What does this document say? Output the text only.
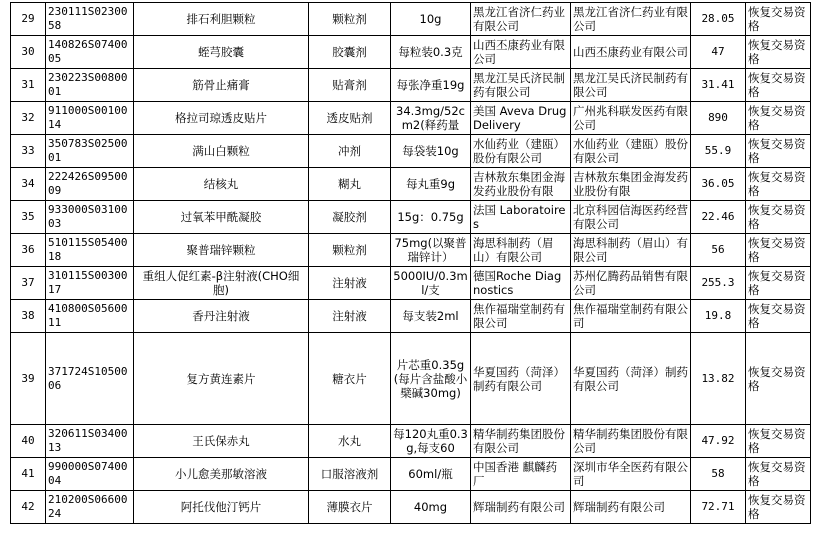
29	230111S0230058	排石利胆颗粒	颗粒剂	10g	黑龙江省济仁药业有限公司	黑龙江省济仁药业有限公司	28.05	恢复交易资格
30	140826S0740005	蛭芎胶囊	胶囊剂	每粒装0.3克	山西丕康药业有限公司	山西丕康药业有限公司	47	恢复交易资格
31	230223S0080001	筋骨止痛膏	贴膏剂	每张净重19g	黑龙江吴氏济民制药有限公司	黑龙江吴氏济民制药有限公司	31.41	恢复交易资格
32	911000S0010014	格拉司琼透皮贴片	透皮贴剂	34.3mg/52cm2(释药量	美国 Aveva Drug Delivery	广州兆科联发医药有限公司	890	恢复交易资格
33	350783S0250001	满山白颗粒	冲剂	每袋装10g	水仙药业（建瓯）股份有限公司	水仙药业（建瓯）股份有限公司	55.9	恢复交易资格
34	222426S0950009	结核丸	糊丸	每丸重9g	吉林敖东集团金海发药业股份有限	吉林敖东集团金海发药业股份有限	36.05	恢复交易资格
35	933000S0310003	过氧苯甲酰凝胶	凝胶剂	15g：0.75g	法国 Laboratoires	北京科园信海医药经营有限公司	22.46	恢复交易资格
36	510115S0540018	聚普瑞锌颗粒	颗粒剂	75mg(以聚普瑞锌计）	海思科制药（眉山）有限公司	海思科制药（眉山）有限公司	56	恢复交易资格
37	310115S0030017	重组人促红素-β注射液(CHO细胞)	注射液	5000IU/0.3ml/支	德国Roche Diagnostics	苏州亿腾药品销售有限公司	255.3	恢复交易资格
38	410800S0560011	香丹注射液	注射液	每支装2ml	焦作福瑞堂制药有限公司	焦作福瑞堂制药有限公司	19.8	恢复交易资格
39	371724S1050006	复方黄连素片	糖衣片	片芯重0.35g(每片含盐酸小檗碱30mg)	华夏国药（菏泽）制药有限公司	华夏国药（菏泽）制药有限公司	13.82	恢复交易资格
40	320611S0340013	王氏保赤丸	水丸	每120丸重0.3g,每支60	精华制药集团股份有限公司	精华制药集团股份有限公司	47.92	恢复交易资格
41	990000S0740004	小儿愈美那敏溶液	口服溶液剂	60ml/瓶	中国香港 麒麟药厂	深圳市华全医药有限公司	58	恢复交易资格
42	210200S0660024	阿托伐他汀钙片	薄膜衣片	40mg	辉瑞制药有限公司	辉瑞制药有限公司	72.71	恢复交易资格
